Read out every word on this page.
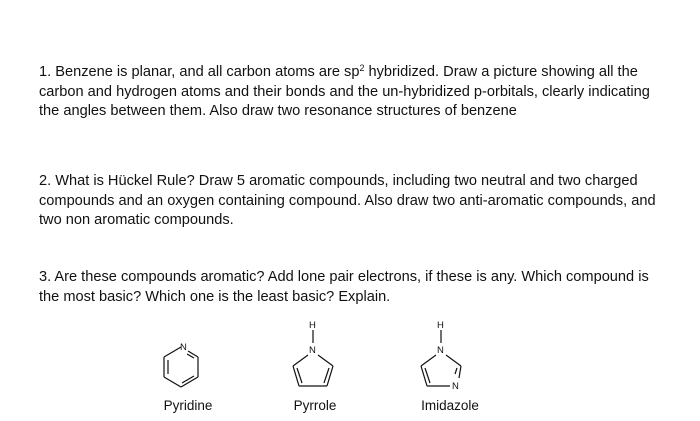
1. Benzene is planar, and all carbon atoms are $sp^2$ hybridized. Draw a picture showing all the carbon and hydrogen atoms and their bonds and the un-hybridized p-orbitals, clearly indicating the angles between them. Also draw two resonance structures of benzene

2. What is Hückel Rule? Draw 5 aromatic compounds, including two neutral and two charged compounds and an oxygen containing compound. Also draw two anti-aromatic compounds, and two non aromatic compounds.

3. Are these compounds aromatic? Add lone pair electrons, if these is any. Which compound is the most basic? Which one is the least basic? Explain.

N
Pyridine
H
N
Pyrrole
H
N
N
Imidazole
